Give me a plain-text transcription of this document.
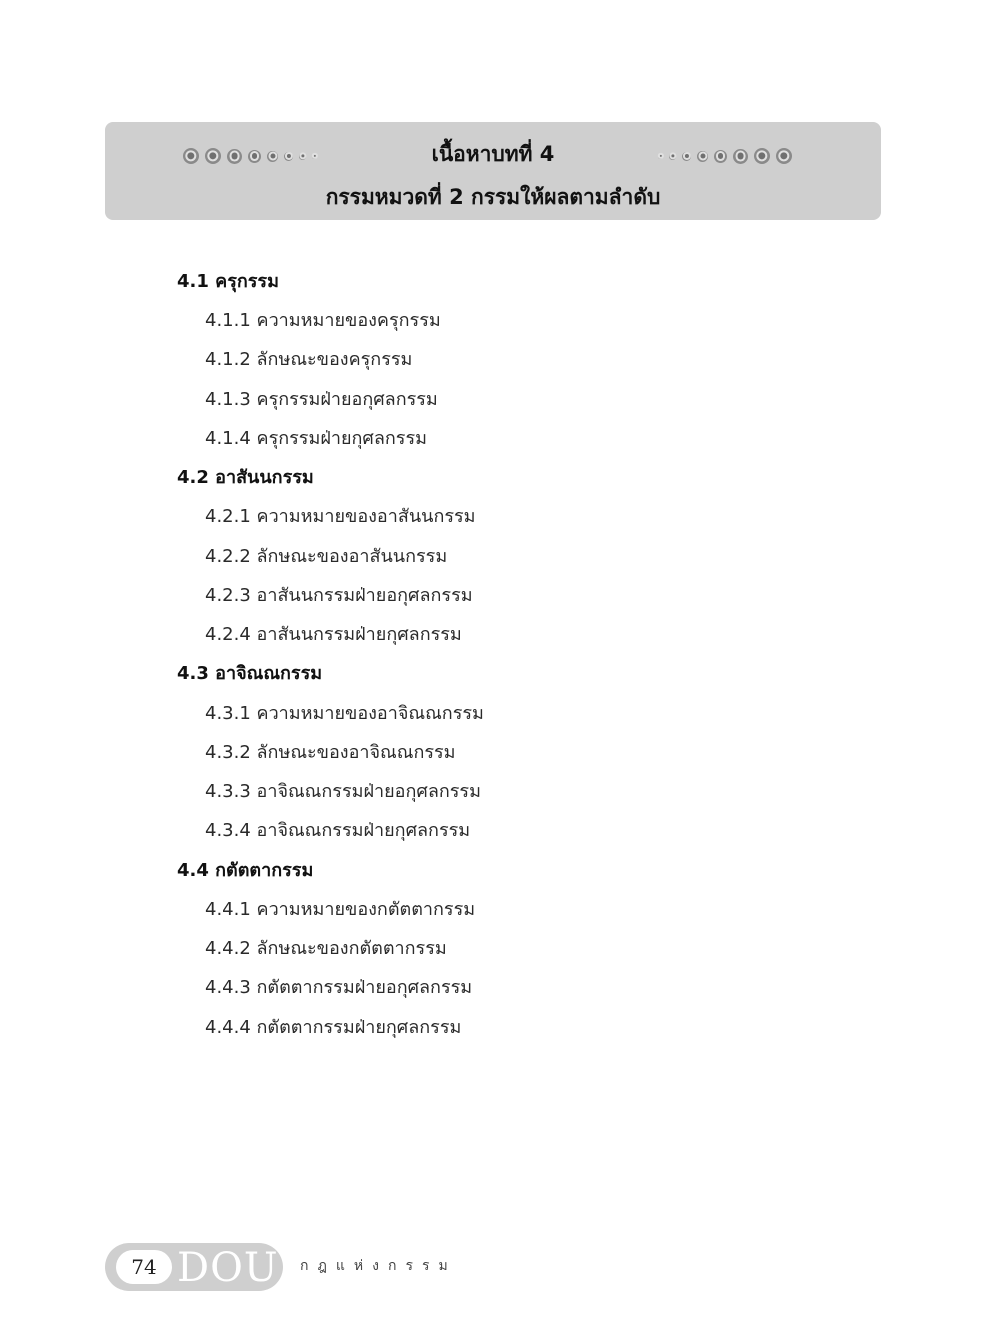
เนื้อหาบทที่ 4
กรรมหมวดที่ 2 กรรมให้ผลตามลำดับ
4.1 ครุกรรม
4.1.1 ความหมายของครุกรรม
4.1.2 ลักษณะของครุกรรม
4.1.3 ครุกรรมฝ่ายอกุศลกรรม
4.1.4 ครุกรรมฝ่ายกุศลกรรม
4.2 อาสันนกรรม
4.2.1 ความหมายของอาสันนกรรม
4.2.2 ลักษณะของอาสันนกรรม
4.2.3 อาสันนกรรมฝ่ายอกุศลกรรม
4.2.4 อาสันนกรรมฝ่ายกุศลกรรม
4.3 อาจิณณกรรม
4.3.1 ความหมายของอาจิณณกรรม
4.3.2 ลักษณะของอาจิณณกรรม
4.3.3 อาจิณณกรรมฝ่ายอกุศลกรรม
4.3.4 อาจิณณกรรมฝ่ายกุศลกรรม
4.4 กตัตตากรรม
4.4.1 ความหมายของกตัตตากรรม
4.4.2 ลักษณะของกตัตตากรรม
4.4.3 กตัตตากรรมฝ่ายอกุศลกรรม
4.4.4 กตัตตากรรมฝ่ายกุศลกรรม
74 DOU กฎแห่งกรรม
